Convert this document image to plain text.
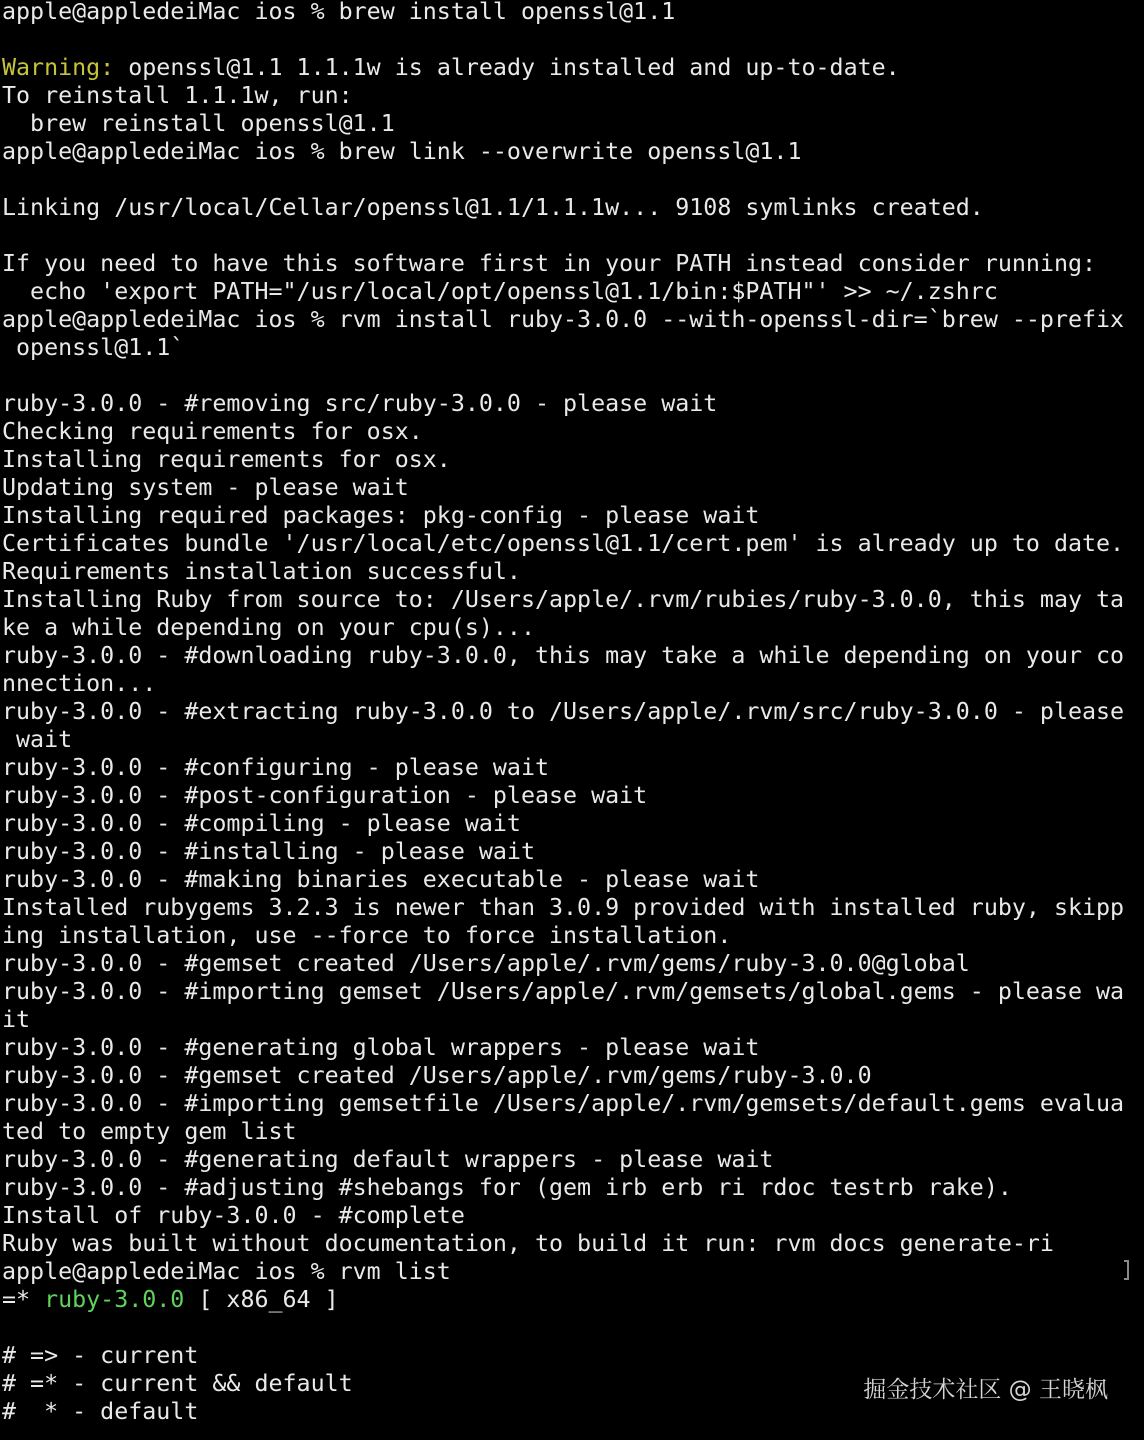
apple@appledeiMac ios % brew install openssl@1.1
Warning: openssl@1.1 1.1.1w is already installed and up-to-date.
To reinstall 1.1.1w, run:
brew reinstall openssl@1.1
apple@appledeiMac ios % brew link --overwrite openssl@1.1
Linking /usr/local/Cellar/openssl@1.1/1.1.1w... 9108 symlinks created.
If you need to have this software first in your PATH instead consider running:
echo 'export PATH="/usr/local/opt/openssl@1.1/bin:$PATH"' >> ~/.zshrc
apple@appledeiMac ios % rvm install ruby-3.0.0 --with-openssl-dir=`brew --prefix
openssl@1.1`
ruby-3.0.0 - #removing src/ruby-3.0.0 - please wait
Checking requirements for osx.
Installing requirements for osx.
Updating system - please wait
Installing required packages: pkg-config - please wait
Certificates bundle '/usr/local/etc/openssl@1.1/cert.pem' is already up to date.
Requirements installation successful.
Installing Ruby from source to: /Users/apple/.rvm/rubies/ruby-3.0.0, this may ta
ke a while depending on your cpu(s)...
ruby-3.0.0 - #downloading ruby-3.0.0, this may take a while depending on your co
nnection...
ruby-3.0.0 - #extracting ruby-3.0.0 to /Users/apple/.rvm/src/ruby-3.0.0 - please
wait
ruby-3.0.0 - #configuring - please wait
ruby-3.0.0 - #post-configuration - please wait
ruby-3.0.0 - #compiling - please wait
ruby-3.0.0 - #installing - please wait
ruby-3.0.0 - #making binaries executable - please wait
Installed rubygems 3.2.3 is newer than 3.0.9 provided with installed ruby, skipp
ing installation, use --force to force installation.
ruby-3.0.0 - #gemset created /Users/apple/.rvm/gems/ruby-3.0.0@global
ruby-3.0.0 - #importing gemset /Users/apple/.rvm/gemsets/global.gems - please wa
it
ruby-3.0.0 - #generating global wrappers - please wait
ruby-3.0.0 - #gemset created /Users/apple/.rvm/gems/ruby-3.0.0
ruby-3.0.0 - #importing gemsetfile /Users/apple/.rvm/gemsets/default.gems evalua
ted to empty gem list
ruby-3.0.0 - #generating default wrappers - please wait
ruby-3.0.0 - #adjusting #shebangs for (gem irb erb ri rdoc testrb rake).
Install of ruby-3.0.0 - #complete
Ruby was built without documentation, to build it run: rvm docs generate-ri
apple@appledeiMac ios % rvm list
=* ruby-3.0.0 [ x86_64 ]
# => - current
# =* - current && default
#  * - default
掘金技术社区 @ 王晓枫
